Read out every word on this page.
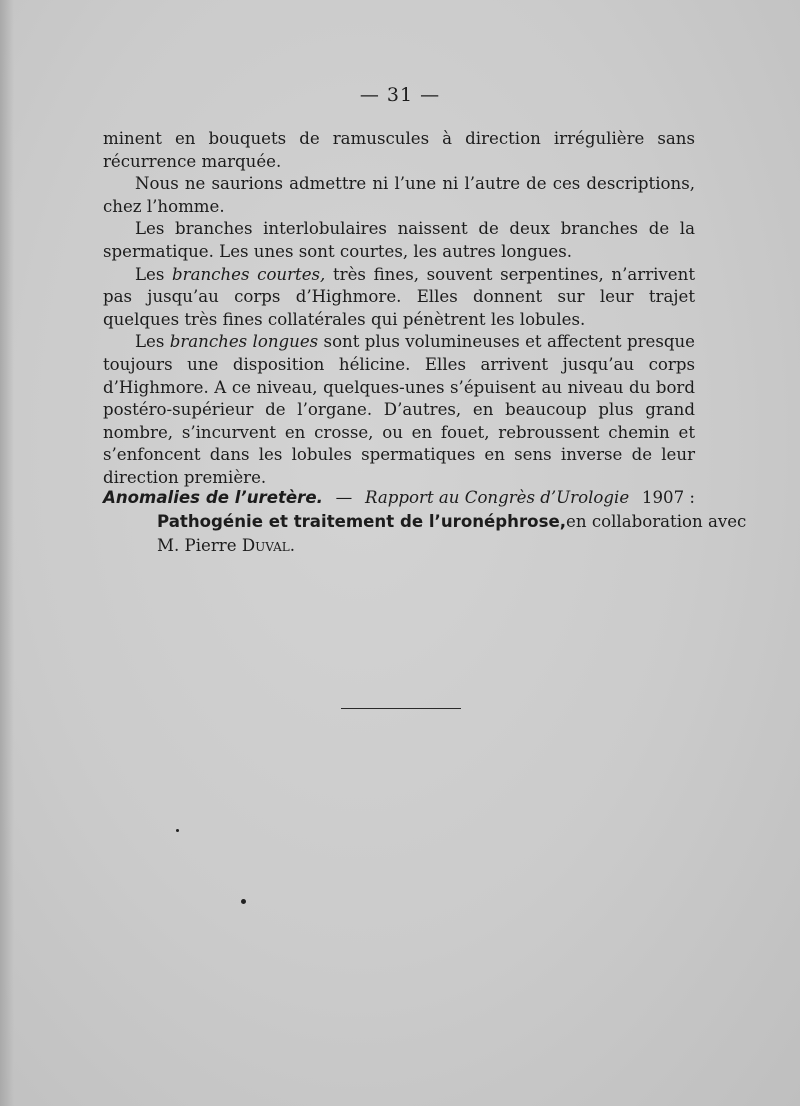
— 31 —

minent en bouquets de ramuscules à direction irrégulière sans récurrence marquée.

Nous ne saurions admettre ni l’une ni l’autre de ces descriptions, chez l’homme.

Les branches interlobulaires naissent de deux branches de la spermatique. Les unes sont courtes, les autres longues.

Les branches courtes, très fines, souvent serpentines, n’arrivent pas jusqu’au corps d’Highmore. Elles donnent sur leur trajet quelques très fines collatérales qui pénètrent les lobules.

Les branches longues sont plus volumineuses et affectent presque toujours une disposition hélicine. Elles arrivent jusqu’au corps d’Highmore. A ce niveau, quelques-unes s’épuisent au niveau du bord postéro-supérieur de l’organe. D’autres, en beaucoup plus grand nombre, s’incurvent en crosse, ou en fouet, rebroussent chemin et s’enfoncent dans les lobules spermatiques en sens inverse de leur direction première.

Anomalies de l’uretère. — Rapport au Congrès d’Urologie 1907 :
Pathogénie et traitement de l’uronéphrose, en collaboration avec
M. Pierre Duval.
